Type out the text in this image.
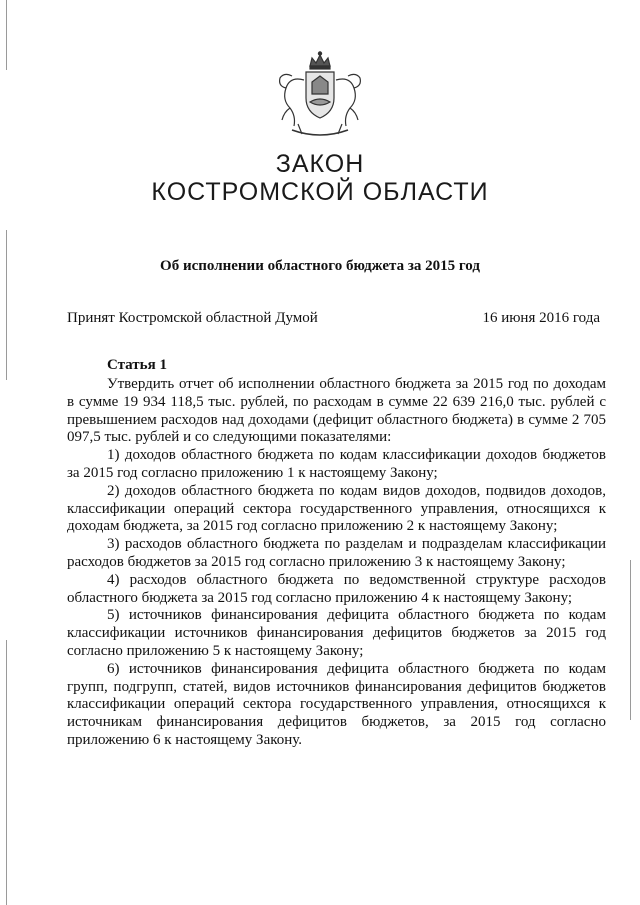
ЗАКОН
КОСТРОМСКОЙ ОБЛАСТИ
Об исполнении областного бюджета за 2015 год
Принят Костромской областной Думой	16 июня 2016 года
Статья 1

Утвердить отчет об исполнении областного бюджета за 2015 год по доходам в сумме 19 934 118,5 тыс. рублей, по расходам в сумме 22 639 216,0 тыс. рублей с превышением расходов над доходами (дефицит областного бюджета) в сумме 2 705 097,5 тыс. рублей и со следующими показателями:

1) доходов областного бюджета по кодам классификации доходов бюджетов за 2015 год согласно приложению 1 к настоящему Закону;

2) доходов областного бюджета по кодам видов доходов, подвидов доходов, классификации операций сектора государственного управления, относящихся к доходам бюджета, за 2015 год согласно приложению 2 к настоящему Закону;

3) расходов областного бюджета по разделам и подразделам классификации расходов бюджетов за 2015 год согласно приложению 3 к настоящему Закону;

4) расходов областного бюджета по ведомственной структуре расходов областного бюджета за 2015 год согласно приложению 4 к настоящему Закону;

5) источников финансирования дефицита областного бюджета по кодам классификации источников финансирования дефицитов бюджетов за 2015 год согласно приложению 5 к настоящему Закону;

6) источников финансирования дефицита областного бюджета по кодам групп, подгрупп, статей, видов источников финансирования дефицитов бюджетов классификации операций сектора государственного управления, относящихся к источникам финансирования дефицитов бюджетов, за 2015 год согласно приложению 6 к настоящему Закону.
